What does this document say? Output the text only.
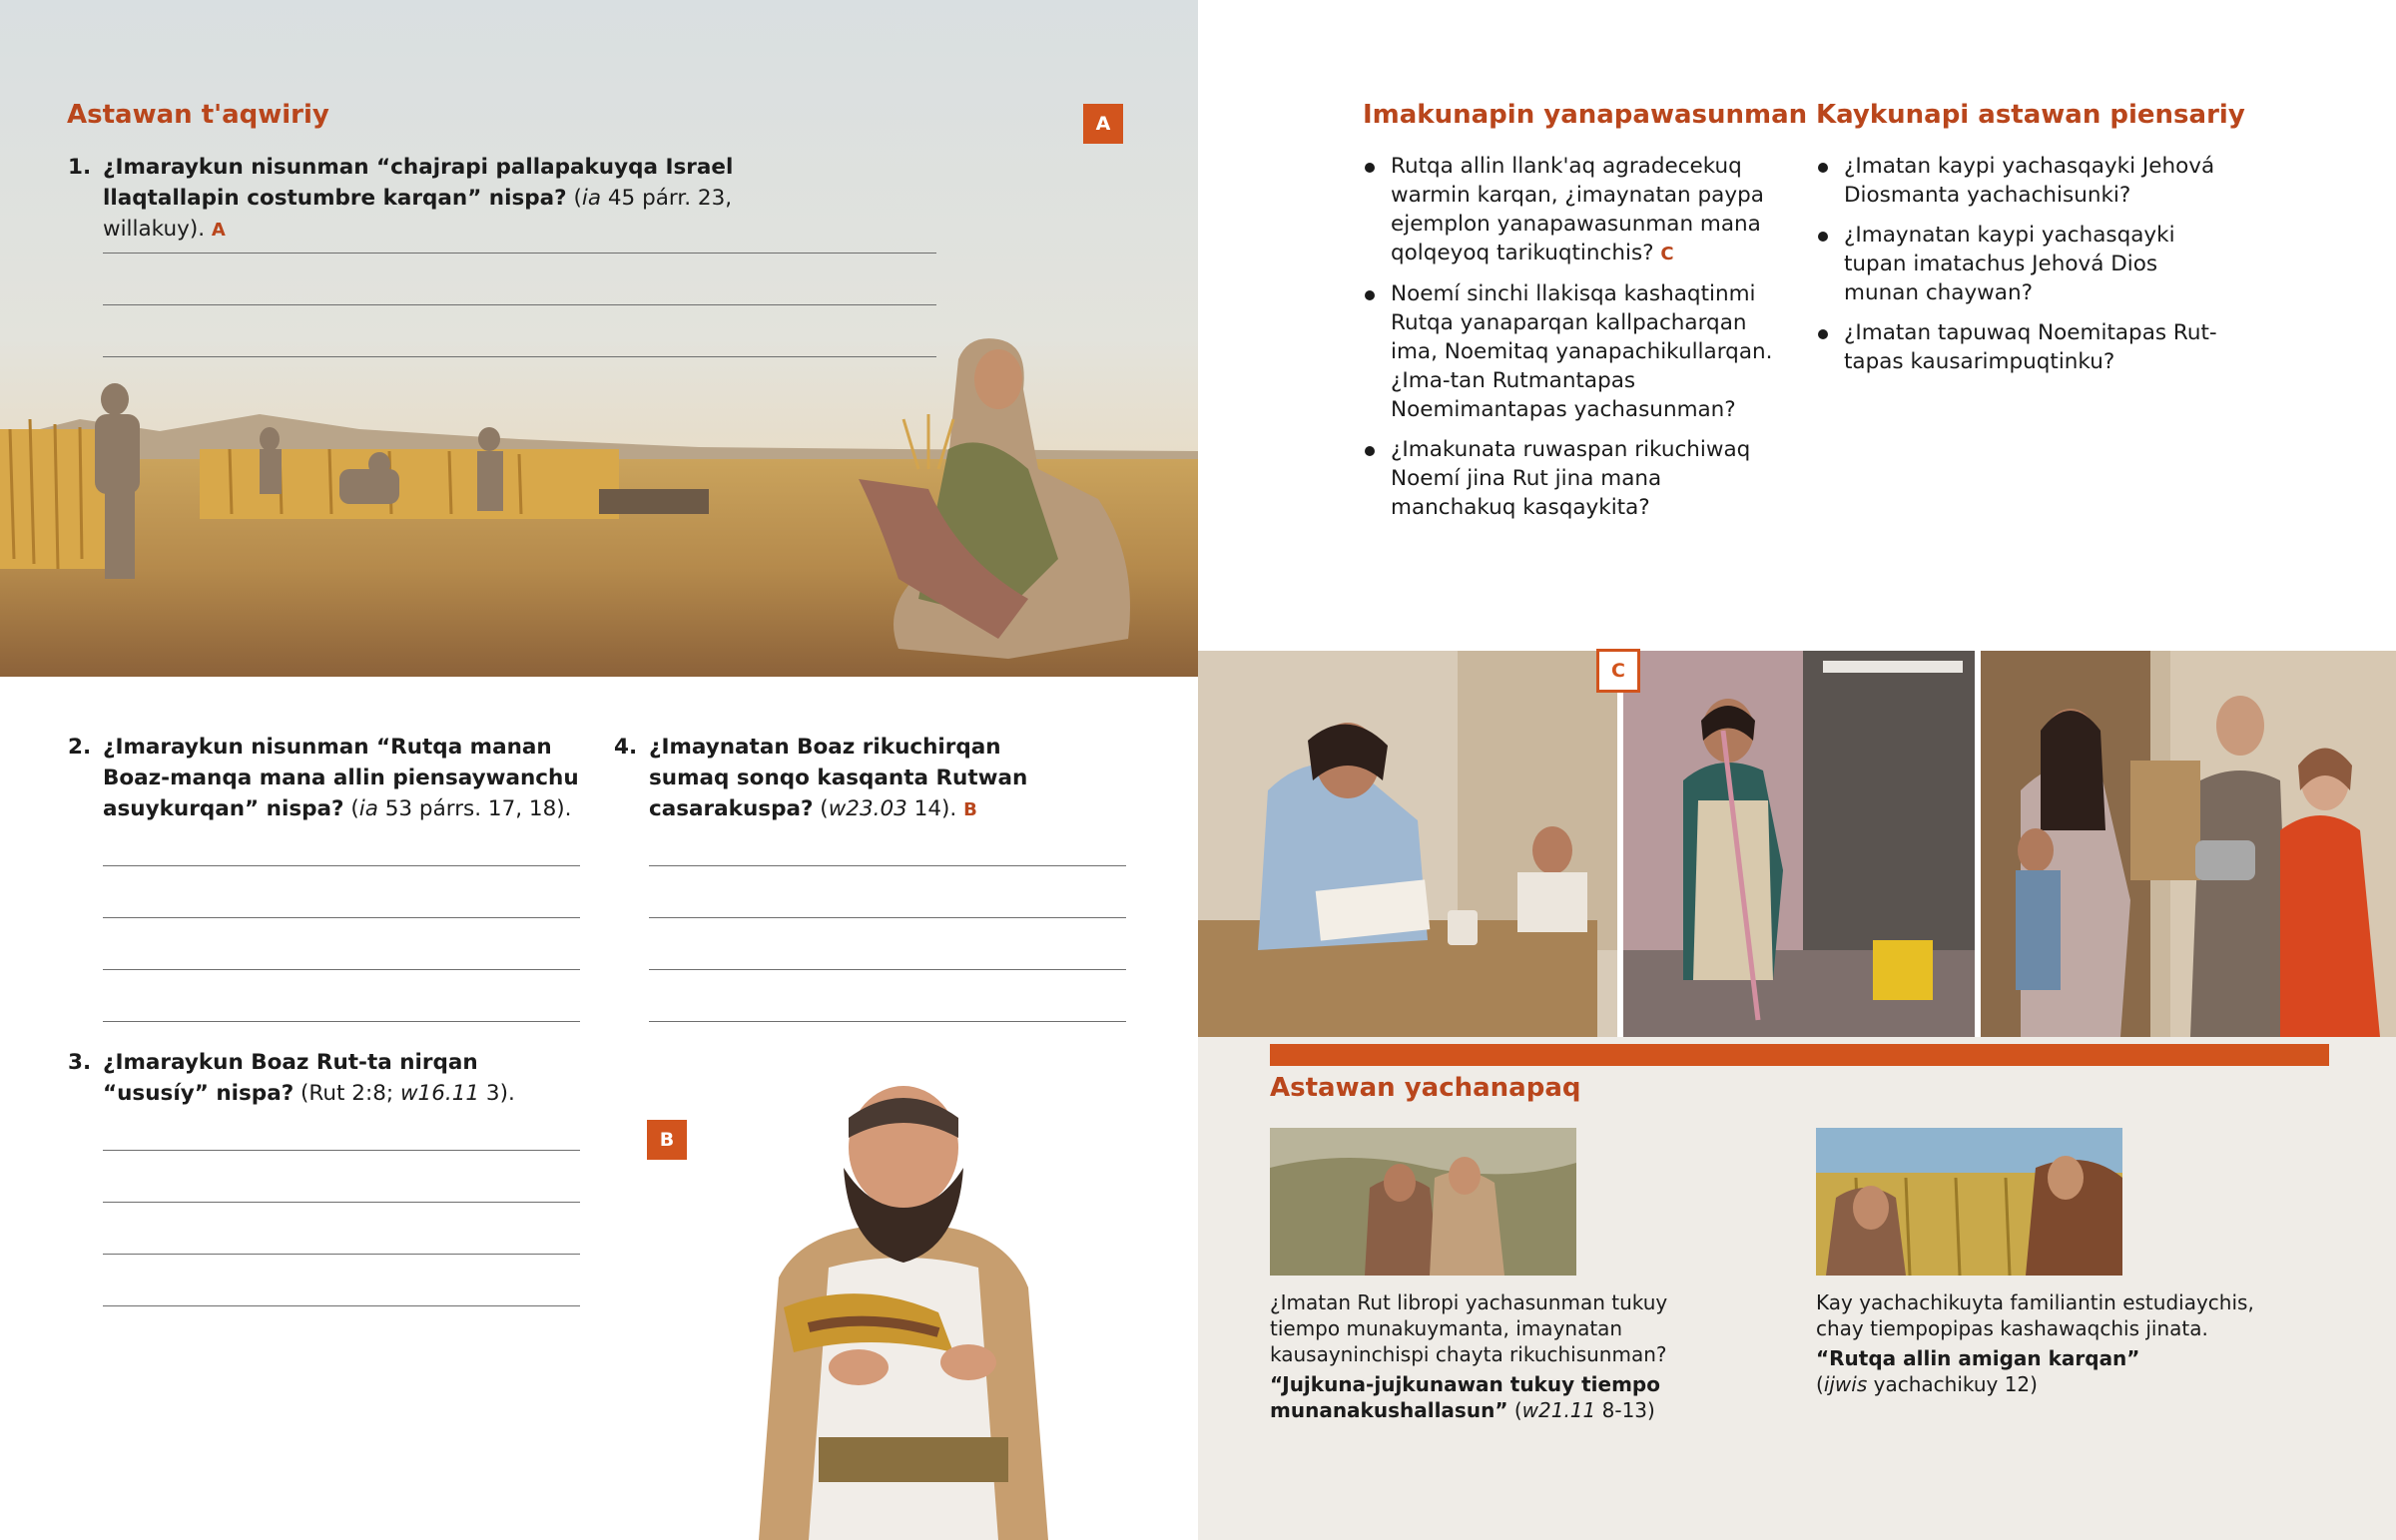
Astawan t'aqwiriy	A
1. ¿Imaraykun nisunman “chajrapi pallapakuyqa Israel llaqtallapin costumbre karqan” nispa? (ia 45 párr. 23, willakuy). A
2. ¿Imaraykun nisunman “Rutqa manan Boaz-manqa mana allin piensaywanchu asuykurqan” nispa? (ia 53 párrs. 17, 18).
4. ¿Imaynatan Boaz rikuchirqan sumaq sonqo kasqanta Rutwan casarakuspa? (w23.03 14). B
3. ¿Imaraykun Boaz Rut-ta nirqan “ususíy” nispa? (Rut 2:8; w16.11 3).
B
Imakunapin yanapawasunman
Rutqa allin llank'aq agradecekuq warmin karqan, ¿imaynatan paypa ejemplon yanapawasunman mana qolqeyoq tarikuqtinchis? C
Noemí sinchi llakisqa kashaqtinmi Rutqa yanaparqan kallpacharqan ima, Noemitaq yanapachikullarqan. ¿Ima-tan Rutmantapas Noemimantapas yachasunman?
¿Imakunata ruwaspan rikuchiwaq Noemí jina Rut jina mana manchakuq kasqaykita?
Kaykunapi astawan piensariy
¿Imatan kaypi yachasqayki Jehová Diosmanta yachachisunki?
¿Imaynatan kaypi yachasqayki tupan imatachus Jehová Dios munan chaywan?
¿Imatan tapuwaq Noemitapas Rut-tapas kausarimpuqtinku?
C
Astawan yachanapaq
¿Imatan Rut libropi yachasunman tukuy tiempo munakuymanta, imaynatan kausayninchispi chayta rikuchisunman?
“Jujkuna-jujkunawan tukuy tiempo munanakushallasun” (w21.11 8-13)
Kay yachachikuyta familiantin estudiaychis, chay tiempopipas kashawaqchis jinata.
“Rutqa allin amigan karqan”
(ijwis yachachikuy 12)
